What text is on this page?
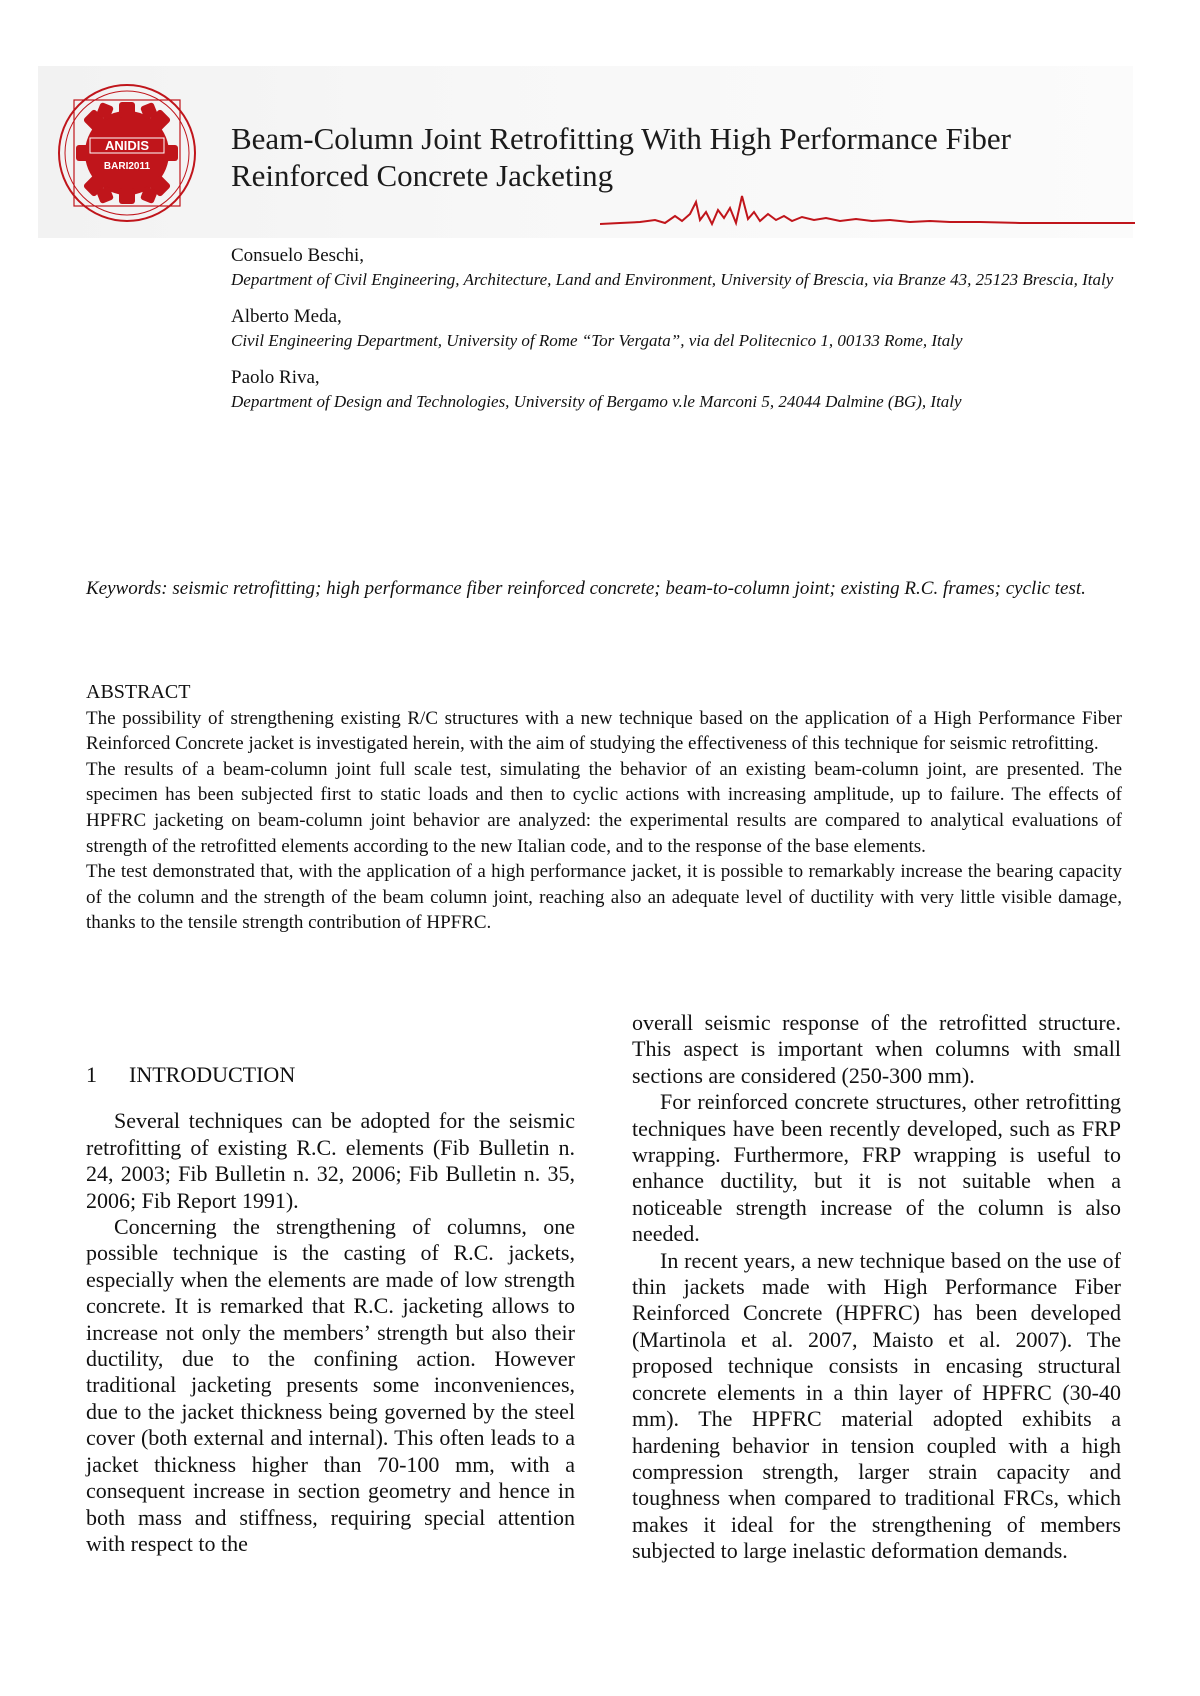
ANIDIS
BARI2011
Beam-Column Joint Retrofitting With High Performance Fiber Reinforced Concrete Jacketing

Consuelo Beschi,

Department of Civil Engineering, Architecture, Land and Environment, University of Brescia, via Branze 43, 25123 Brescia, Italy

Alberto Meda,

Civil Engineering Department, University of Rome “Tor Vergata”, via del Politecnico 1, 00133 Rome, Italy

Paolo Riva,

Department of Design and Technologies, University of Bergamo v.le Marconi 5, 24044 Dalmine (BG), Italy

Keywords: seismic retrofitting; high performance fiber reinforced concrete; beam-to-column joint; existing R.C. frames; cyclic test.

ABSTRACT

The possibility of strengthening existing R/C structures with a new technique based on the application of a High Performance Fiber Reinforced Concrete jacket is investigated herein, with the aim of studying the effectiveness of this technique for seismic retrofitting.

The results of a beam-column joint full scale test, simulating the behavior of an existing beam-column joint, are presented. The specimen has been subjected first to static loads and then to cyclic actions with increasing amplitude, up to failure. The effects of HPFRC jacketing on beam-column joint behavior are analyzed: the experimental results are compared to analytical evaluations of strength of the retrofitted elements according to the new Italian code, and to the response of the base elements.

The test demonstrated that, with the application of a high performance jacket, it is possible to remarkably increase the bearing capacity of the column and the strength of the beam column joint, reaching also an adequate level of ductility with very little visible damage, thanks to the tensile strength contribution of HPFRC.

1 INTRODUCTION

Several techniques can be adopted for the seismic retrofitting of existing R.C. elements (Fib Bulletin n. 24, 2003; Fib Bulletin n. 32, 2006; Fib Bulletin n. 35, 2006; Fib Report 1991).

Concerning the strengthening of columns, one possible technique is the casting of R.C. jackets, especially when the elements are made of low strength concrete. It is remarked that R.C. jacketing allows to increase not only the members’ strength but also their ductility, due to the confining action. However traditional jacketing presents some inconveniences, due to the jacket thickness being governed by the steel cover (both external and internal). This often leads to a jacket thickness higher than 70-100 mm, with a consequent increase in section geometry and hence in both mass and stiffness, requiring special attention with respect to the

overall seismic response of the retrofitted structure. This aspect is important when columns with small sections are considered (250-300 mm).

For reinforced concrete structures, other retrofitting techniques have been recently developed, such as FRP wrapping. Furthermore, FRP wrapping is useful to enhance ductility, but it is not suitable when a noticeable strength increase of the column is also needed.

In recent years, a new technique based on the use of thin jackets made with High Performance Fiber Reinforced Concrete (HPFRC) has been developed (Martinola et al. 2007, Maisto et al. 2007). The proposed technique consists in encasing structural concrete elements in a thin layer of HPFRC (30-40 mm). The HPFRC material adopted exhibits a hardening behavior in tension coupled with a high compression strength, larger strain capacity and toughness when compared to traditional FRCs, which makes it ideal for the strengthening of members subjected to large inelastic deformation demands.
